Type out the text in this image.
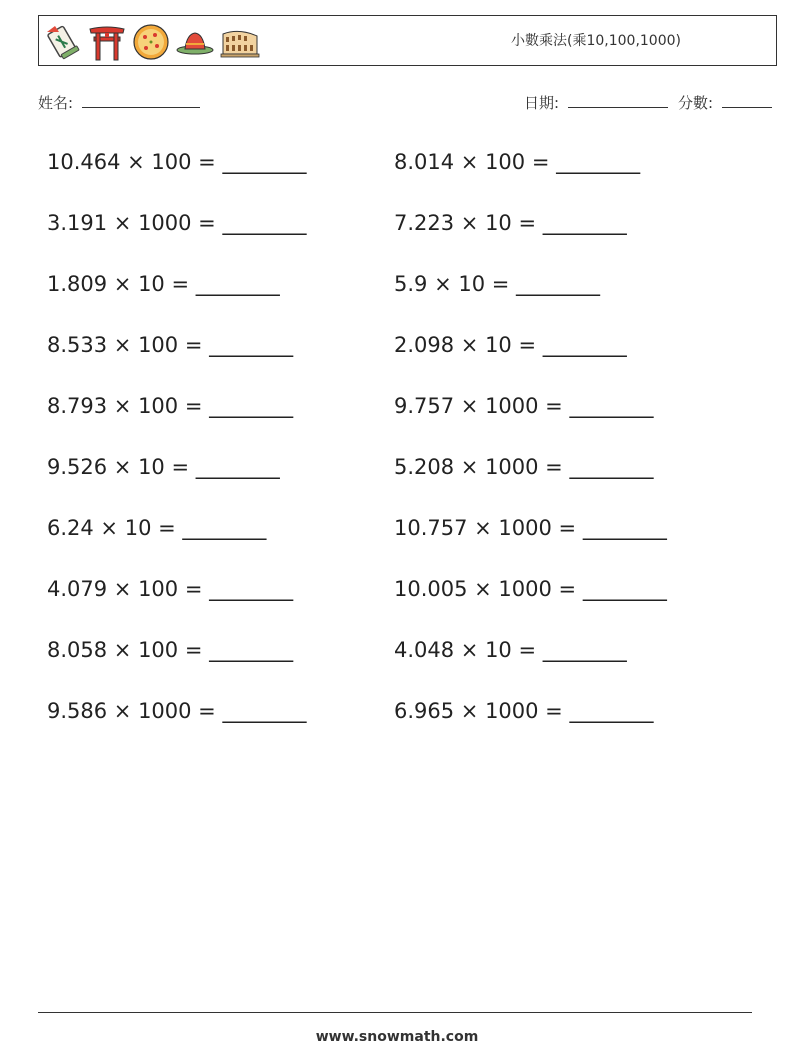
小數乘法(乘10,100,1000)
姓名:	日期:	分數:
10.464 × 100 = ________	8.014 × 100 = ________
3.191 × 1000 = ________	7.223 × 10 = ________
1.809 × 10 = ________	5.9 × 10 = ________
8.533 × 100 = ________	2.098 × 10 = ________
8.793 × 100 = ________	9.757 × 1000 = ________
9.526 × 10 = ________	5.208 × 1000 = ________
6.24 × 10 = ________	10.757 × 1000 = ________
4.079 × 100 = ________	10.005 × 1000 = ________
8.058 × 100 = ________	4.048 × 10 = ________
9.586 × 1000 = ________	6.965 × 1000 = ________
www.snowmath.com
